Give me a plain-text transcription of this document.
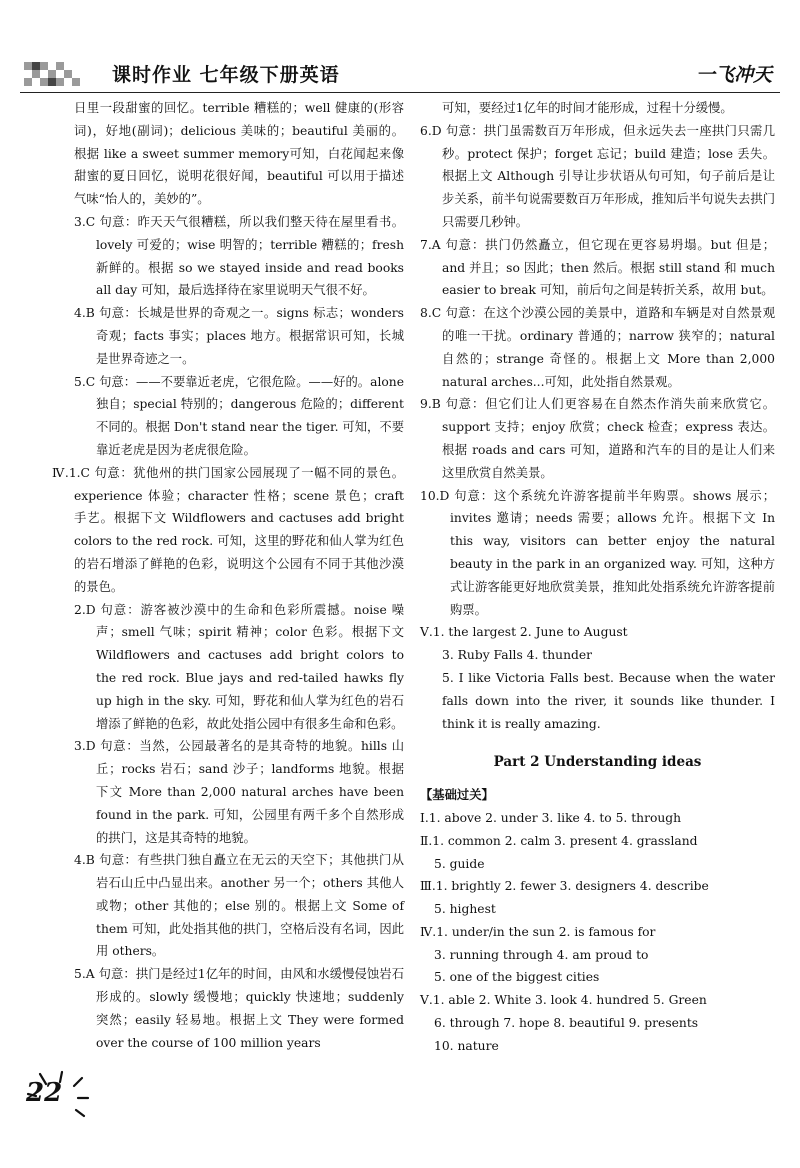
课时作业 七年级下册英语	一飞冲天

日里一段甜蜜的回忆。terrible 糟糕的；well 健康的(形容词)，好地(副词)；delicious 美味的；beautiful 美丽的。根据 like a sweet summer memory可知，白花闻起来像甜蜜的夏日回忆，说明花很好闻，beautiful 可以用于描述气味“怡人的，美妙的”。

3.C 句意：昨天天气很糟糕，所以我们整天待在屋里看书。lovely 可爱的；wise 明智的；terrible 糟糕的；fresh 新鲜的。根据 so we stayed inside and read books all day 可知，最后选择待在家里说明天气很不好。

4.B 句意：长城是世界的奇观之一。signs 标志；wonders 奇观；facts 事实；places 地方。根据常识可知，长城是世界奇迹之一。

5.C 句意：——不要靠近老虎，它很危险。——好的。alone 独自；special 特别的；dangerous 危险的；different 不同的。根据 Don't stand near the tiger. 可知，不要靠近老虎是因为老虎很危险。

Ⅳ.1.C 句意：犹他州的拱门国家公园展现了一幅不同的景色。experience 体验；character 性格；scene 景色；craft 手艺。根据下文 Wildflowers and cactuses add bright colors to the red rock. 可知，这里的野花和仙人掌为红色的岩石增添了鲜艳的色彩，说明这个公园有不同于其他沙漠的景色。

2.D 句意：游客被沙漠中的生命和色彩所震撼。noise 噪声；smell 气味；spirit 精神；color 色彩。根据下文 Wildflowers and cactuses add bright colors to the red rock. Blue jays and red-tailed hawks fly up high in the sky. 可知，野花和仙人掌为红色的岩石增添了鲜艳的色彩，故此处指公园中有很多生命和色彩。

3.D 句意：当然，公园最著名的是其奇特的地貌。hills 山丘；rocks 岩石；sand 沙子；landforms 地貌。根据下文 More than 2,000 natural arches have been found in the park. 可知，公园里有两千多个自然形成的拱门，这是其奇特的地貌。

4.B 句意：有些拱门独自矗立在无云的天空下；其他拱门从岩石山丘中凸显出来。another 另一个；others 其他人或物；other 其他的；else 别的。根据上文 Some of them 可知，此处指其他的拱门，空格后没有名词，因此用 others。

5.A 句意：拱门是经过1亿年的时间，由风和水缓慢侵蚀岩石形成的。slowly 缓慢地；quickly 快速地；suddenly 突然；easily 轻易地。根据上文 They were formed over the course of 100 million years

可知，要经过1亿年的时间才能形成，过程十分缓慢。

6.D 句意：拱门虽需数百万年形成，但永远失去一座拱门只需几秒。protect 保护；forget 忘记；build 建造；lose 丢失。根据上文 Although 引导让步状语从句可知，句子前后是让步关系，前半句说需要数百万年形成，推知后半句说失去拱门只需要几秒钟。

7.A 句意：拱门仍然矗立，但它现在更容易坍塌。but 但是；and 并且；so 因此；then 然后。根据 still stand 和 much easier to break 可知，前后句之间是转折关系，故用 but。

8.C 句意：在这个沙漠公园的美景中，道路和车辆是对自然景观的唯一干扰。ordinary 普通的；narrow 狭窄的；natural 自然的；strange 奇怪的。根据上文 More than 2,000 natural arches...可知，此处指自然景观。

9.B 句意：但它们让人们更容易在自然杰作消失前来欣赏它。support 支持；enjoy 欣赏；check 检查；express 表达。根据 roads and cars 可知，道路和汽车的目的是让人们来这里欣赏自然美景。

10.D 句意：这个系统允许游客提前半年购票。shows 展示；invites 邀请；needs 需要；allows 允许。根据下文 In this way, visitors can better enjoy the natural beauty in the park in an organized way. 可知，这种方式让游客能更好地欣赏美景，推知此处指系统允许游客提前购票。

Ⅴ.1. the largest 2. June to August

3. Ruby Falls 4. thunder

5. I like Victoria Falls best. Because when the water falls down into the river, it sounds like thunder. I think it is really amazing.

Part 2 Understanding ideas

【基础过关】

Ⅰ.1. above 2. under 3. like 4. to 5. through

Ⅱ.1. common 2. calm 3. present 4. grassland

5. guide

Ⅲ.1. brightly 2. fewer 3. designers 4. describe

5. highest

Ⅳ.1. under/in the sun 2. is famous for

3. running through 4. am proud to

5. one of the biggest cities

Ⅴ.1. able 2. White 3. look 4. hundred 5. Green

6. through 7. hope 8. beautiful 9. presents

10. nature

22
